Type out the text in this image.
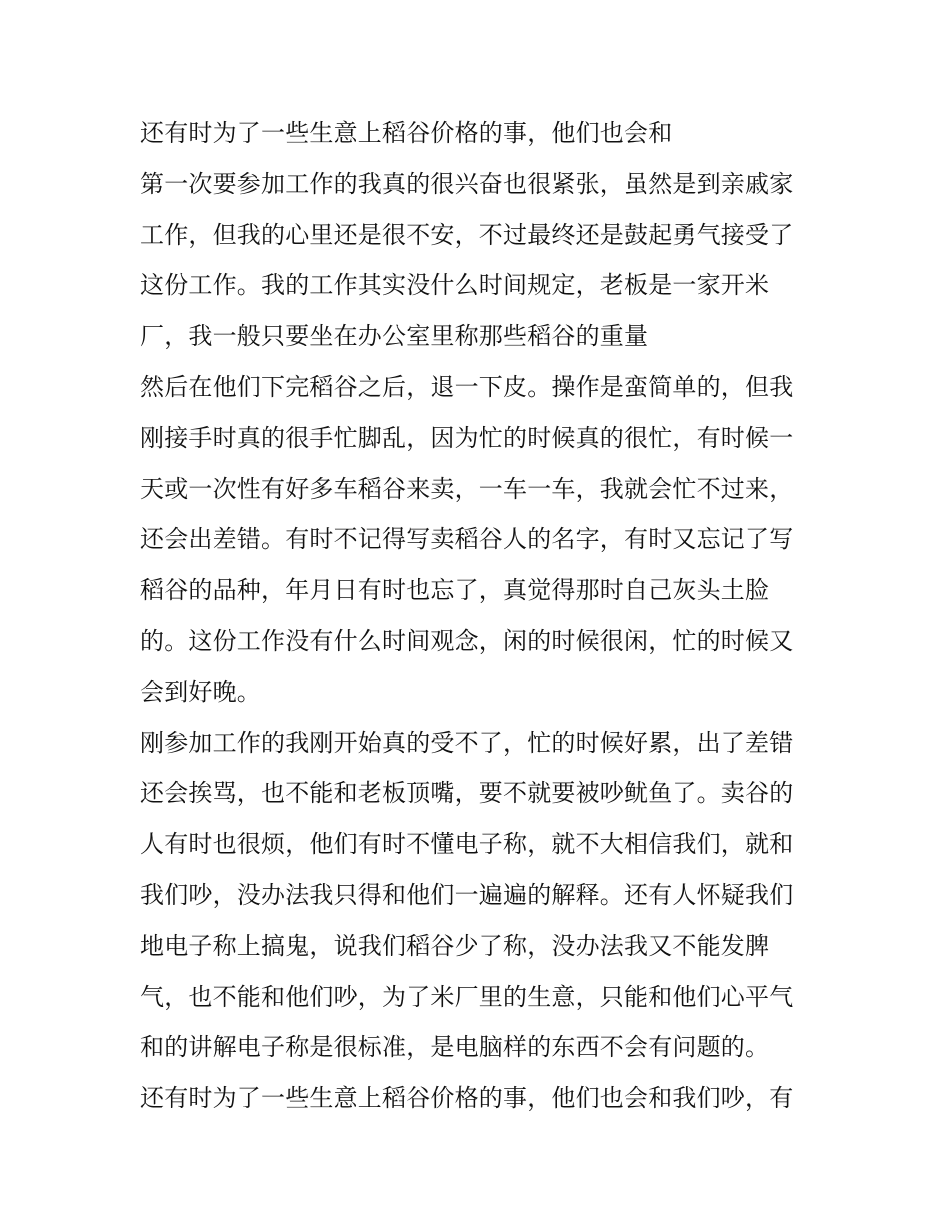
还有时为了一些生意上稻谷价格的事，他们也会和
第一次要参加工作的我真的很兴奋也很紧张，虽然是到亲戚家
工作，但我的心里还是很不安，不过最终还是鼓起勇气接受了
这份工作。我的工作其实没什么时间规定，老板是一家开米
厂，我一般只要坐在办公室里称那些稻谷的重量
然后在他们下完稻谷之后，退一下皮。操作是蛮简单的，但我
刚接手时真的很手忙脚乱，因为忙的时候真的很忙，有时候一
天或一次性有好多车稻谷来卖，一车一车，我就会忙不过来，
还会出差错。有时不记得写卖稻谷人的名字，有时又忘记了写
稻谷的品种，年月日有时也忘了，真觉得那时自己灰头土脸
的。这份工作没有什么时间观念，闲的时候很闲，忙的时候又
会到好晚。
刚参加工作的我刚开始真的受不了，忙的时候好累，出了差错
还会挨骂，也不能和老板顶嘴，要不就要被吵鱿鱼了。卖谷的
人有时也很烦，他们有时不懂电子称，就不大相信我们，就和
我们吵，没办法我只得和他们一遍遍的解释。还有人怀疑我们
地电子称上搞鬼，说我们稻谷少了称，没办法我又不能发脾
气，也不能和他们吵，为了米厂里的生意，只能和他们心平气
和的讲解电子称是很标准，是电脑样的东西不会有问题的。
还有时为了一些生意上稻谷价格的事，他们也会和我们吵，有
